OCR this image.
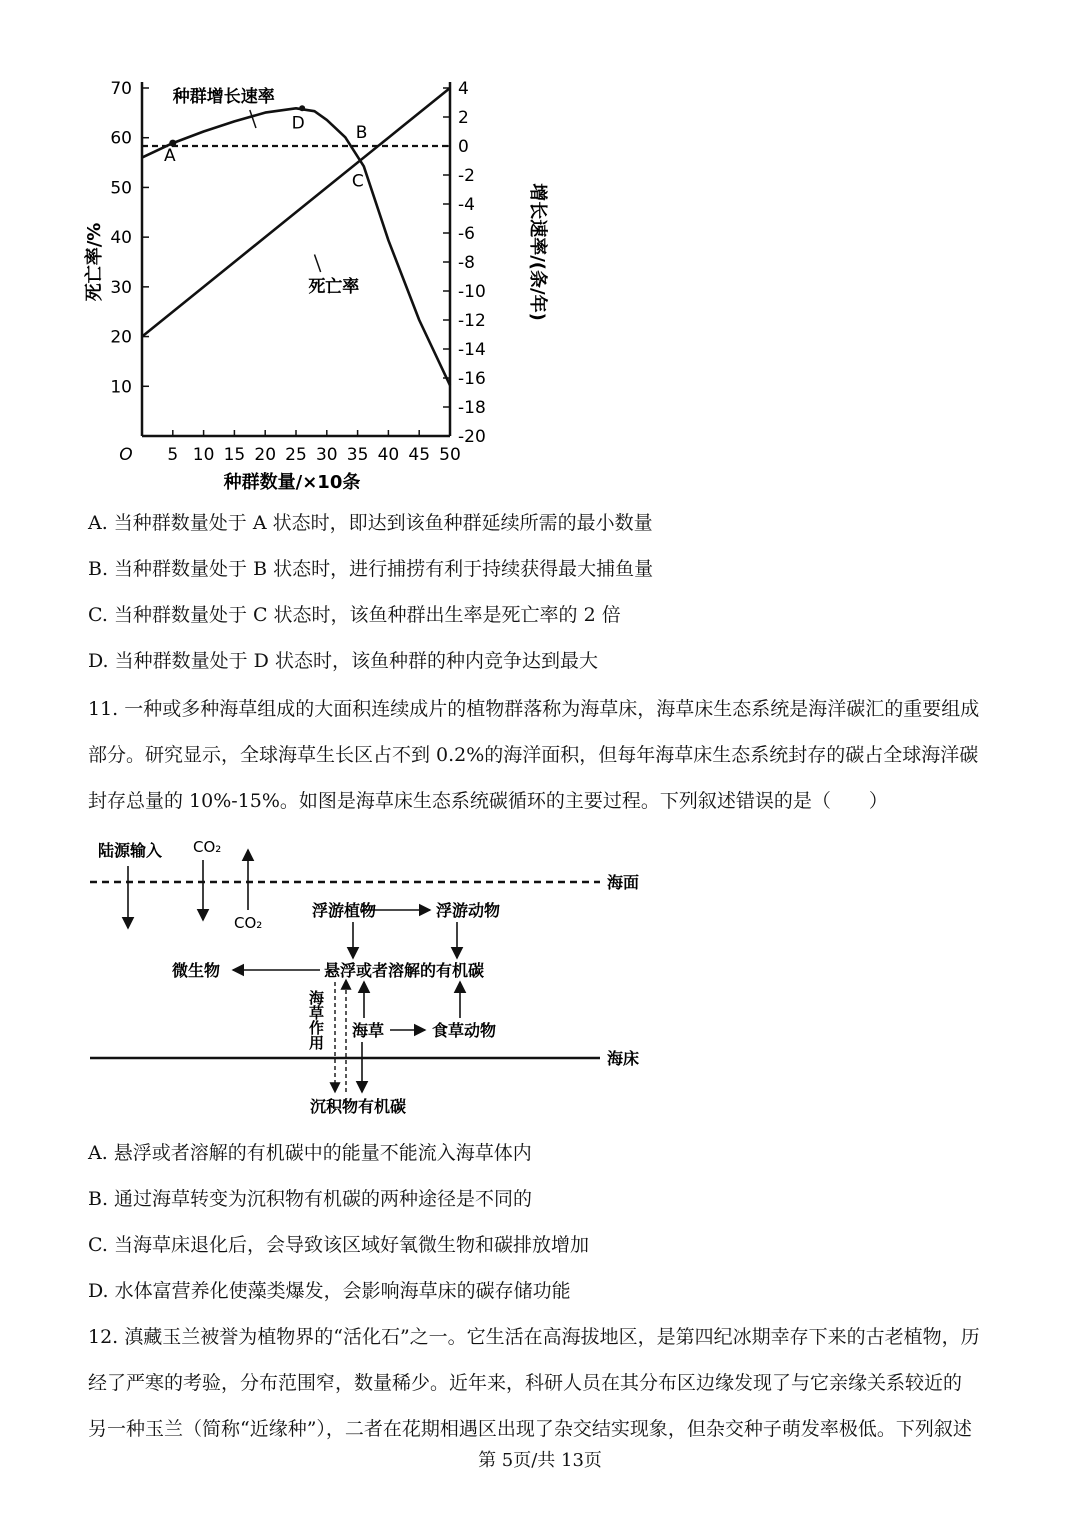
O 5 10 15 20 25 30 35 40 45 50
10
20
30
40
50
60
70	4
2
0
-2
-4
-6
-8
-10
-12
-14
-16
-18
-20
种群数量/×10条
死亡率/%	增长速率/(条/年)
种群增长速率
死亡率
A
D	B
C
A. 当种群数量处于 A 状态时，即达到该鱼种群延续所需的最小数量
B. 当种群数量处于 B 状态时，进行捕捞有利于持续获得最大捕鱼量
C. 当种群数量处于 C 状态时，该鱼种群出生率是死亡率的 2 倍
D. 当种群数量处于 D 状态时，该鱼种群的种内竞争达到最大
11. 一种或多种海草组成的大面积连续成片的植物群落称为海草床，海草床生态系统是海洋碳汇的重要组成
部分。研究显示，全球海草生长区占不到 0.2%的海洋面积，但每年海草床生态系统封存的碳占全球海洋碳
封存总量的 10%-15%。如图是海草床生态系统碳循环的主要过程。下列叙述错误的是（　　）
陆源输入 CO₂
CO₂
海面
海床
浮游植物	浮游动物
微生物	悬浮或者溶解的有机碳
海草作用 海草	食草动物
沉积物有机碳
A. 悬浮或者溶解的有机碳中的能量不能流入海草体内
B. 通过海草转变为沉积物有机碳的两种途径是不同的
C. 当海草床退化后，会导致该区域好氧微生物和碳排放增加
D. 水体富营养化使藻类爆发，会影响海草床的碳存储功能
12. 滇藏玉兰被誉为植物界的“活化石”之一。它生活在高海拔地区，是第四纪冰期幸存下来的古老植物，历
经了严寒的考验，分布范围窄，数量稀少。近年来，科研人员在其分布区边缘发现了与它亲缘关系较近的
另一种玉兰（简称“近缘种”），二者在花期相遇区出现了杂交结实现象，但杂交种子萌发率极低。下列叙述
第 5页/共 13页
